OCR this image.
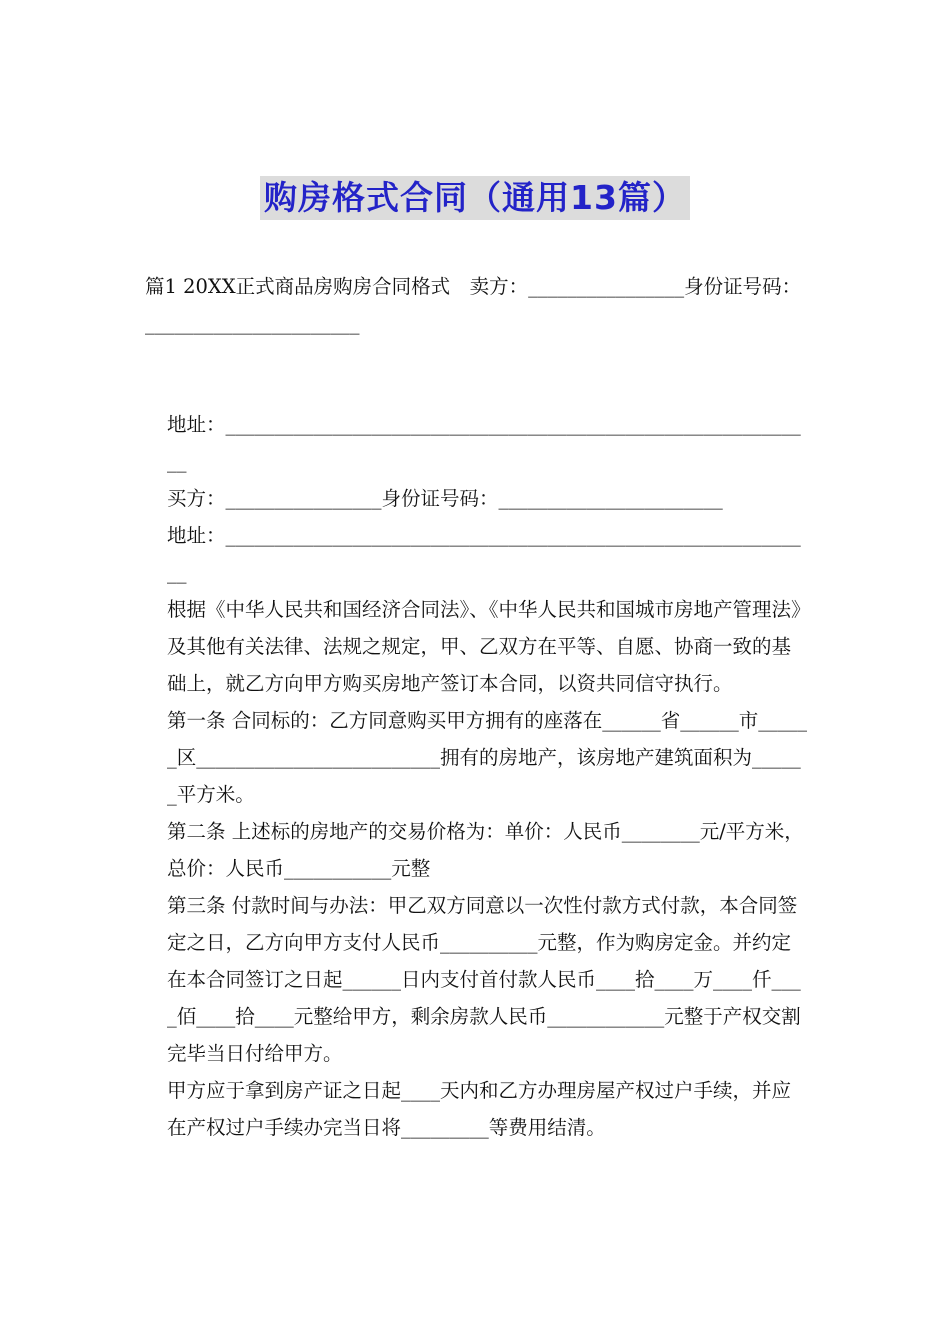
购房格式合同（通用13篇）

篇1 20XX正式商品房购房合同格式　卖方：________________身份证号码：______________________

地址：_____________________________________________________________

买方：________________身份证号码：_______________________

地址：_____________________________________________________________

根据《中华人民共和国经济合同法》、《中华人民共和国城市房地产管理法》及其他有关法律、法规之规定，甲、乙双方在平等、自愿、协商一致的基础上，就乙方向甲方购买房地产签订本合同，以资共同信守执行。

第一条 合同标的：乙方同意购买甲方拥有的座落在______省______市______区_________________________拥有的房地产，该房地产建筑面积为______平方米。

第二条 上述标的房地产的交易价格为：单价：人民币________元/平方米，总价：人民币___________元整

第三条 付款时间与办法：甲乙双方同意以一次性付款方式付款，本合同签定之日，乙方向甲方支付人民币__________元整，作为购房定金。并约定在本合同签订之日起______日内支付首付款人民币____拾____万____仟____佰____拾____元整给甲方，剩余房款人民币____________元整于产权交割完毕当日付给甲方。

甲方应于拿到房产证之日起____天内和乙方办理房屋产权过户手续，并应在产权过户手续办完当日将_________等费用结清。
